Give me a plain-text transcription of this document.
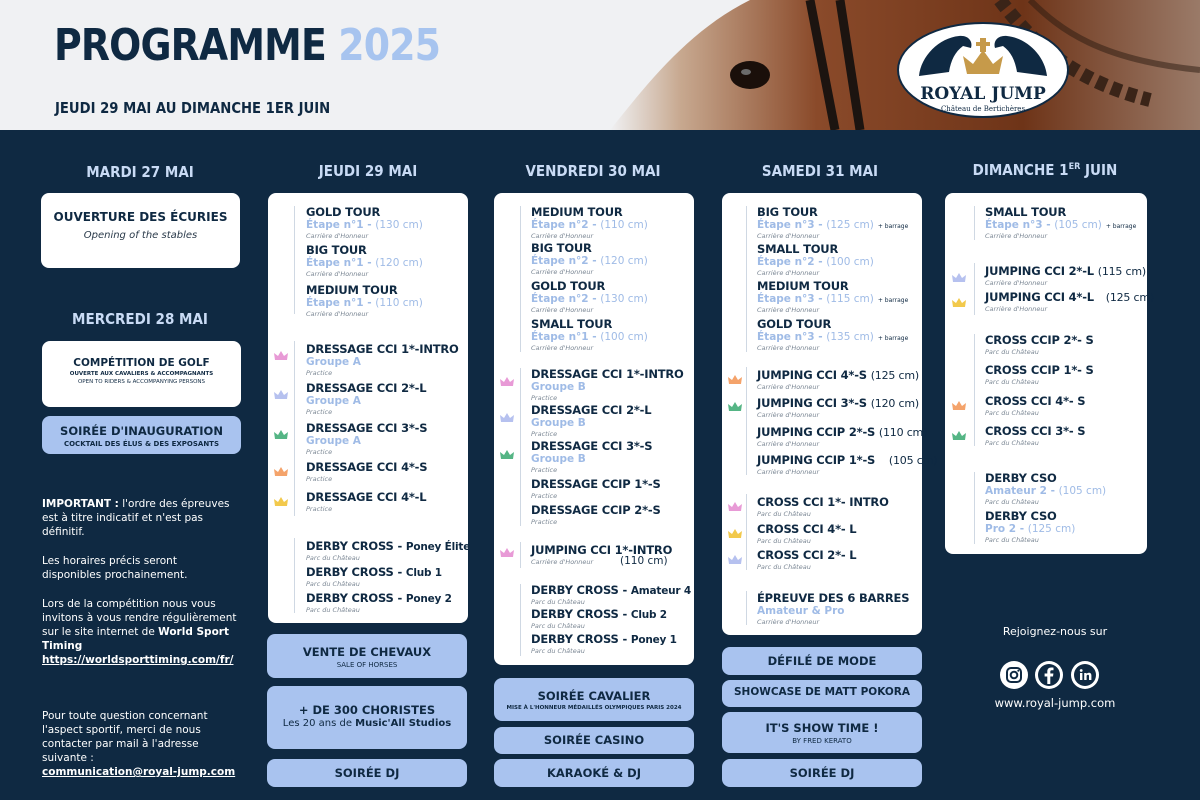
PROGRAMME 2025
JEUDI 29 MAI AU DIMANCHE 1ER JUIN
ROYAL JUMP
Château de Bertichères
MARDI 27 MAI	JEUDI 29 MAI	VENDREDI 30 MAI	SAMEDI 31 MAI	DIMANCHE 1ER JUIN
MERCREDI 28 MAI
OUVERTURE DES ÉCURIES
Opening of the stables
COMPÉTITION DE GOLF
OUVERTE AUX CAVALIERS & ACCOMPAGNANTS
OPEN TO RIDERS & ACCOMPANYING PERSONS
SOIRÉE D'INAUGURATION
COCKTAIL DES ÉLUS & DES EXPOSANTS
IMPORTANT : l'ordre des épreuves est à titre indicatif et n'est pas définitif.
Les horaires précis seront disponibles prochainement.
Lors de la compétition nous vous invitons à vous rendre régulièrement sur le site internet de World Sport Timing
https://worldsporttiming.com/fr/
Pour toute question concernant l'aspect sportif, merci de nous contacter par mail à l'adresse suivante :
communication@royal-jump.com
GOLD TOUR
Étape n°1 - (130 cm)
Carrière d'Honneur
BIG TOUR
Étape n°1 - (120 cm)
Carrière d'Honneur
MEDIUM TOUR
Étape n°1 - (110 cm)
Carrière d'Honneur
DRESSAGE CCI 1*-INTRO
Groupe A
Practice
DRESSAGE CCI 2*-L
Groupe A
Practice
DRESSAGE CCI 3*-S
Groupe A
Practice
DRESSAGE CCI 4*-S
Practice
DRESSAGE CCI 4*-L
Practice
DERBY CROSS - Poney Élite
Parc du Château
DERBY CROSS - Club 1
Parc du Château
DERBY CROSS - Poney 2
Parc du Château
VENTE DE CHEVAUX
SALE OF HORSES
+ DE 300 CHORISTES
Les 20 ans de Music'All Studios
SOIRÉE DJ
MEDIUM TOUR
Étape n°2 - (110 cm)
Carrière d'Honneur
BIG TOUR
Étape n°2 - (120 cm)
Carrière d'Honneur
GOLD TOUR
Étape n°2 - (130 cm)
Carrière d'Honneur
SMALL TOUR
Étape n°1 - (100 cm)
Carrière d'Honneur
DRESSAGE CCI 1*-INTRO
Groupe B
Practice
DRESSAGE CCI 2*-L
Groupe B
Practice
DRESSAGE CCI 3*-S
Groupe B
Practice
DRESSAGE CCIP 1*-S
Practice
DRESSAGE CCIP 2*-S
Practice
JUMPING CCI 1*-INTRO
Carrière d'Honneur	(110 cm)
DERBY CROSS - Amateur 4
Parc du Château
DERBY CROSS - Club 2
Parc du Château
DERBY CROSS - Poney 1
Parc du Château
SOIRÉE CAVALIER
MISE À L'HONNEUR MÉDAILLÉS OLYMPIQUES PARIS 2024
SOIRÉE CASINO
KARAOKÉ & DJ
BIG TOUR
Étape n°3 - (125 cm) + barrage
Carrière d'Honneur
SMALL TOUR
Étape n°2 - (100 cm)
Carrière d'Honneur
MEDIUM TOUR
Étape n°3 - (115 cm) + barrage
Carrière d'Honneur
GOLD TOUR
Étape n°3 - (135 cm) + barrage
Carrière d'Honneur
JUMPING CCI 4*-S (125 cm)
Carrière d'Honneur
JUMPING CCI 3*-S (120 cm)
Carrière d'Honneur
JUMPING CCIP 2*-S (110 cm)
Carrière d'Honneur
JUMPING CCIP 1*-S (105 cm)
Carrière d'Honneur
CROSS CCI 1*- INTRO
Parc du Château
CROSS CCI 4*- L
Parc du Château
CROSS CCI 2*- L
Parc du Château
ÉPREUVE DES 6 BARRES
Amateur & Pro
Carrière d'Honneur
DÉFILÉ DE MODE
SHOWCASE DE MATT POKORA
IT'S SHOW TIME !
BY FRED KERATO
SOIRÉE DJ
SMALL TOUR
Étape n°3 - (105 cm) + barrage
Carrière d'Honneur
JUMPING CCI 2*-L (115 cm)
Carrière d'Honneur
JUMPING CCI 4*-L (125 cm)
Carrière d'Honneur
CROSS CCIP 2*- S
Parc du Château
CROSS CCIP 1*- S
Parc du Château
CROSS CCI 4*- S
Parc du Château
CROSS CCI 3*- S
Parc du Château
DERBY CSO
Amateur 2 - (105 cm)
Parc du Château
DERBY CSO
Pro 2 - (125 cm)
Parc du Château
Rejoignez-nous sur
www.royal-jump.com
